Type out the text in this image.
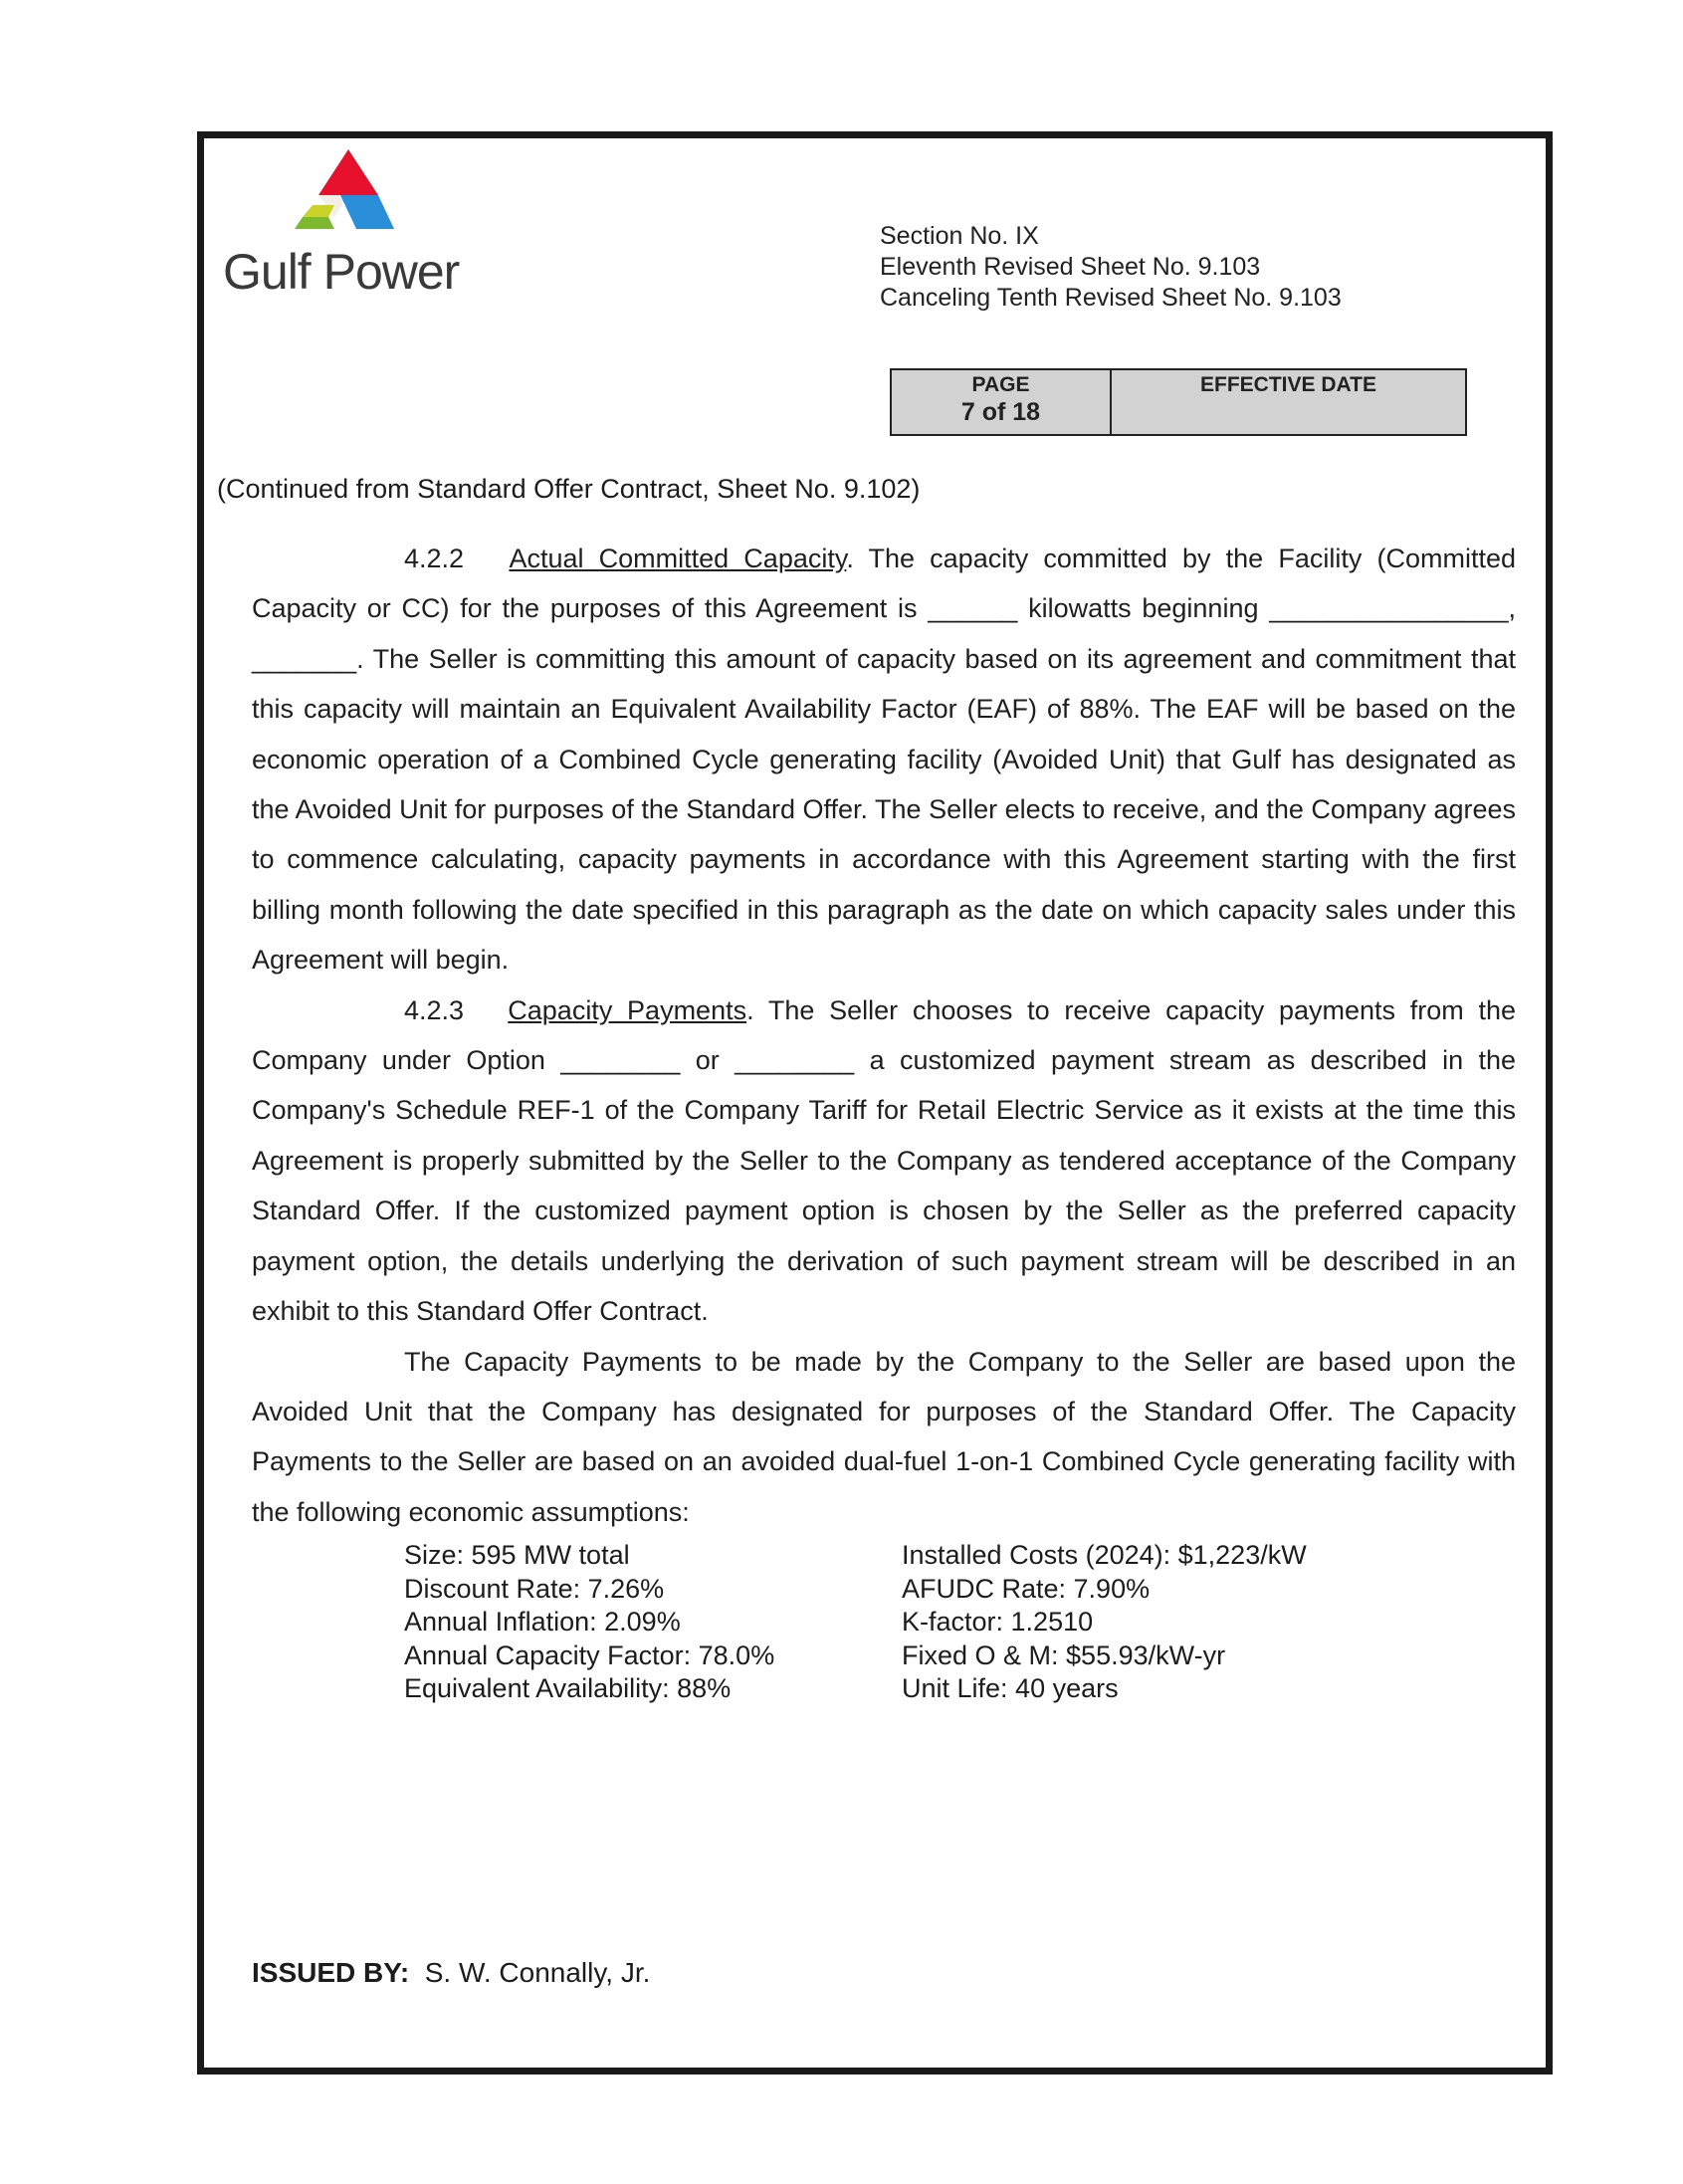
Gulf Power
Section No. IX
Eleventh Revised Sheet No. 9.103
Canceling Tenth Revised Sheet No. 9.103
PAGE
7 of 18
EFFECTIVE DATE
(Continued from Standard Offer Contract, Sheet No. 9.102)

4.2.2 Actual Committed Capacity. The capacity committed by the Facility (Committed Capacity or CC) for the purposes of this Agreement is ______ kilowatts beginning ________________, _______. The Seller is committing this amount of capacity based on its agreement and commitment that this capacity will maintain an Equivalent Availability Factor (EAF) of 88%. The EAF will be based on the economic operation of a Combined Cycle generating facility (Avoided Unit) that Gulf has designated as the Avoided Unit for purposes of the Standard Offer. The Seller elects to receive, and the Company agrees to commence calculating, capacity payments in accordance with this Agreement starting with the first billing month following the date specified in this paragraph as the date on which capacity sales under this Agreement will begin.

4.2.3 Capacity Payments. The Seller chooses to receive capacity payments from the Company under Option ________ or ________ a customized payment stream as described in the Company's Schedule REF-1 of the Company Tariff for Retail Electric Service as it exists at the time this Agreement is properly submitted by the Seller to the Company as tendered acceptance of the Company Standard Offer. If the customized payment option is chosen by the Seller as the preferred capacity payment option, the details underlying the derivation of such payment stream will be described in an exhibit to this Standard Offer Contract.

The Capacity Payments to be made by the Company to the Seller are based upon the Avoided Unit that the Company has designated for purposes of the Standard Offer. The Capacity Payments to the Seller are based on an avoided dual-fuel 1-on-1 Combined Cycle generating facility with the following economic assumptions:

Size: 595 MW total
Discount Rate: 7.26%
Annual Inflation: 2.09%
Annual Capacity Factor: 78.0%
Equivalent Availability: 88%
Installed Costs (2024): $1,223/kW
AFUDC Rate: 7.90%
K-factor: 1.2510
Fixed O & M: $55.93/kW-yr
Unit Life: 40 years
ISSUED BY: S. W. Connally, Jr.
